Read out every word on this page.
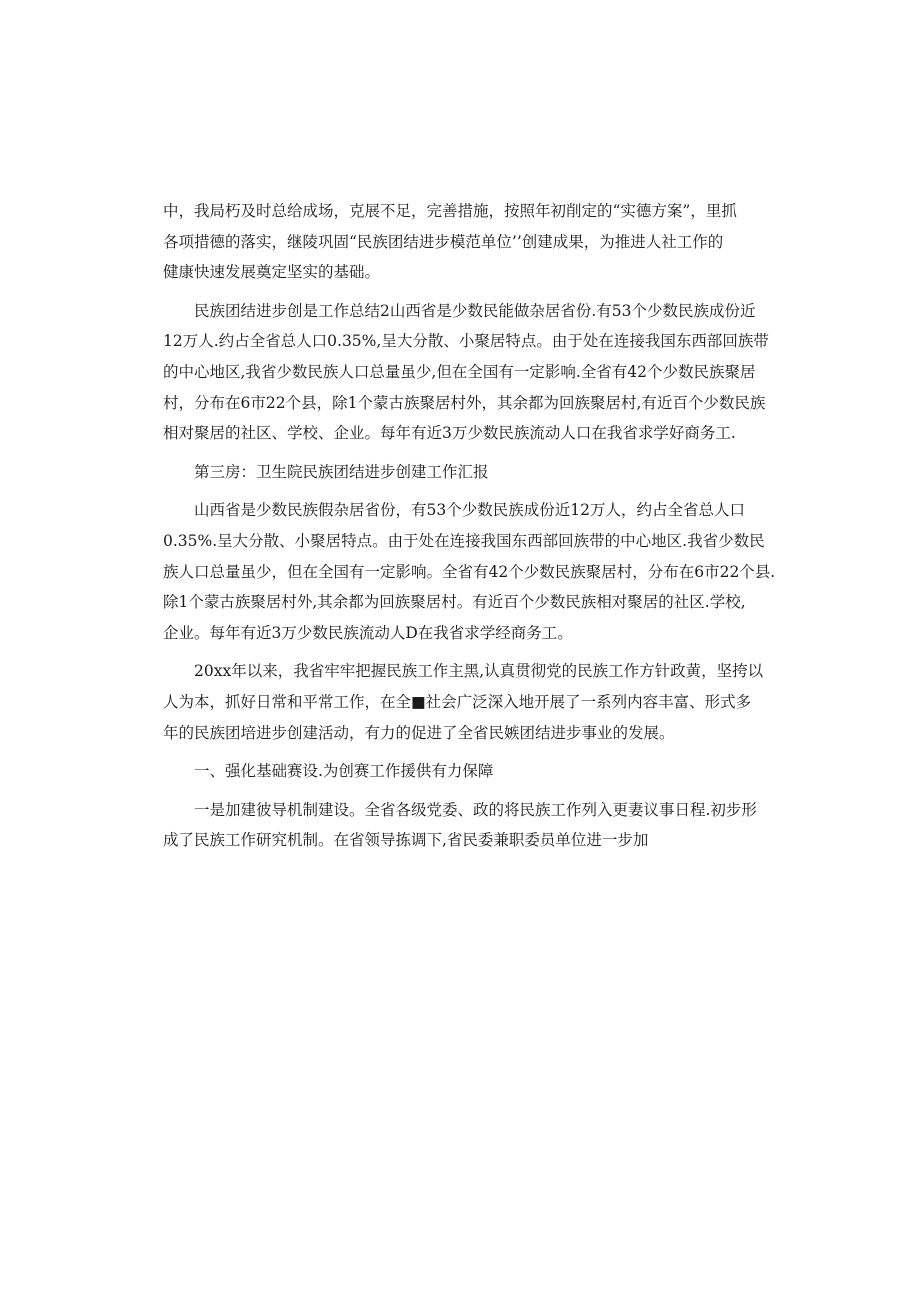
中，我局朽及时总给成场，克展不足，完善措施，按照年初削定的“实德方案”，里抓
各项措德的落实，继陵巩固“民族团结进步模范单位’’创建成果，为推进人社工作的
健康快速发展奠定坚实的基础。

民族团结进步创是工作总结2山西省是少数民能做杂居省份.有53个少数民族成份近
12万人.约占全省总人口0.35%,呈大分散、小聚居特点。由于处在连接我国东西部回族带
的中心地区,我省少数民族人口总量虽少,但在全国有一定影响.全省有42个少数民族聚居
村，分布在6市22个县，除1个蒙古族聚居村外，其余都为回族聚居村,有近百个少数民族
相对聚居的社区、学校、企业。每年有近3万少数民族流动人口在我省求学好商务工.

第三房：卫生院民族团结进步创建工作汇报

山西省是少数民族假杂居省份，有53个少数民族成份近12万人，约占全省总人口
0.35%.呈大分散、小聚居特点。由于处在连接我国东西部回族带的中心地区.我省少数民
族人口总量虽少，但在全国有一定影响。全省有42个少数民族聚居村，分布在6市22个县.
除1个蒙古族聚居村外,其余都为回族聚居村。有近百个少数民族相对聚居的社区.学校,
企业。每年有近3万少数民族流动人D在我省求学经商务工。

20xx年以来，我省牢牢把握民族工作主黑,认真贯彻党的民族工作方针政黄，坚挎以
人为本，抓好日常和平常工作，在全■社会广泛深入地开展了一系列内容丰富、形式多
年的民族团培进步创建活动，有力的促进了全省民嫉团结进步事业的发展。

一、强化基础赛设.为创赛工作援供有力保障

一是加建彼导机制建设。全省各级党委、政的将民族工作列入更妻议事日程.初步形
成了民族工作研究机制。在省领导拣调下,省民委兼职委员单位进一步加
